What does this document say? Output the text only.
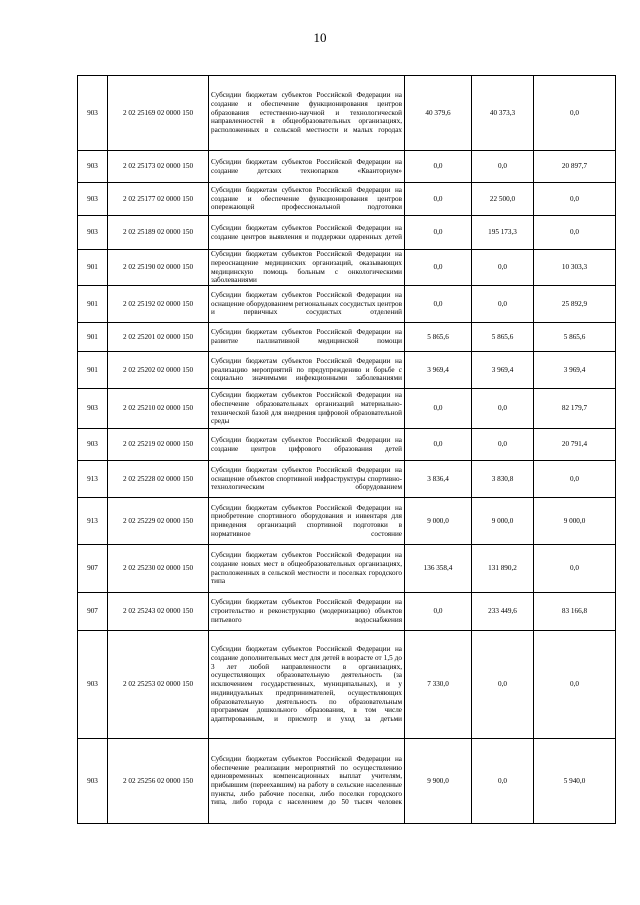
10
903	2 02 25169 02 0000 150	Субсидии бюджетам субъектов Российской Федерации на создание и обеспечение функционирования центров образования естественно-научной и технологической направленностей в общеобразовательных организациях, расположенных в сельской местности и малых городах	40 379,6	40 373,3	0,0
903	2 02 25173 02 0000 150	Субсидии бюджетам субъектов Российской Федерации на создание детских технопарков «Кванториум»	0,0	0,0	20 897,7
903	2 02 25177 02 0000 150	Субсидии бюджетам субъектов Российской Федерации на создание и обеспечение функционирования центров опережающей профессиональной подготовки	0,0	22 500,0	0,0
903	2 02 25189 02 0000 150	Субсидии бюджетам субъектов Российской Федерации на создание центров выявления и поддержки одаренных детей	0,0	195 173,3	0,0
901	2 02 25190 02 0000 150	Субсидии бюджетам субъектов Российской Федерации на переоснащение медицинских организаций, оказывающих медицинскую помощь больным с онкологическими заболеваниями	0,0	0,0	10 303,3
901	2 02 25192 02 0000 150	Субсидии бюджетам субъектов Российской Федерации на оснащение оборудованием региональных сосудистых центров и первичных сосудистых отделений	0,0	0,0	25 892,9
901	2 02 25201 02 0000 150	Субсидии бюджетам субъектов Российской Федерации на развитие паллиативной медицинской помощи	5 865,6	5 865,6	5 865,6
901	2 02 25202 02 0000 150	Субсидии бюджетам субъектов Российской Федерации на реализацию мероприятий по предупреждению и борьбе с социально значимыми инфекционными заболеваниями	3 969,4	3 969,4	3 969,4
903	2 02 25210 02 0000 150	Субсидии бюджетам субъектов Российской Федерации на обеспечение образовательных организаций материально-технической базой для внедрения цифровой образовательной среды	0,0	0,0	82 179,7
903	2 02 25219 02 0000 150	Субсидии бюджетам субъектов Российской Федерации на создание центров цифрового образования детей	0,0	0,0	20 791,4
913	2 02 25228 02 0000 150	Субсидии бюджетам субъектов Российской Федерации на оснащение объектов спортивной инфраструктуры спортивно-технологическим оборудованием	3 836,4	3 830,8	0,0
913	2 02 25229 02 0000 150	Субсидии бюджетам субъектов Российской Федерации на приобретение спортивного оборудования и инвентаря для приведения организаций спортивной подготовки в нормативное состояние	9 000,0	9 000,0	9 000,0
907	2 02 25230 02 0000 150	Субсидии бюджетам субъектов Российской Федерации на создание новых мест в общеобразовательных организациях, расположенных в сельской местности и поселках городского типа	136 358,4	131 890,2	0,0
907	2 02 25243 02 0000 150	Субсидии бюджетам субъектов Российской Федерации на строительство и реконструкцию (модернизацию) объектов питьевого водоснабжения	0,0	233 449,6	83 166,8
903	2 02 25253 02 0000 150	Субсидии бюджетам субъектов Российской Федерации на создание дополнительных мест для детей в возрасте от 1,5 до 3 лет любой направленности в организациях, осуществляющих образовательную деятельность (за исключением государственных, муниципальных), и у индивидуальных предпринимателей, осуществляющих образовательную деятельность по образовательным программам дошкольного образования, в том числе адаптированным, и присмотр и уход за детьми	7 330,0	0,0	0,0
903	2 02 25256 02 0000 150	Субсидии бюджетам субъектов Российской Федерации на обеспечение реализации мероприятий по осуществлению единовременных компенсационных выплат учителям, прибывшим (переехавшим) на работу в сельские населенные пункты, либо рабочие поселки, либо поселки городского типа, либо города с населением до 50 тысяч человек	9 900,0	0,0	5 940,0
